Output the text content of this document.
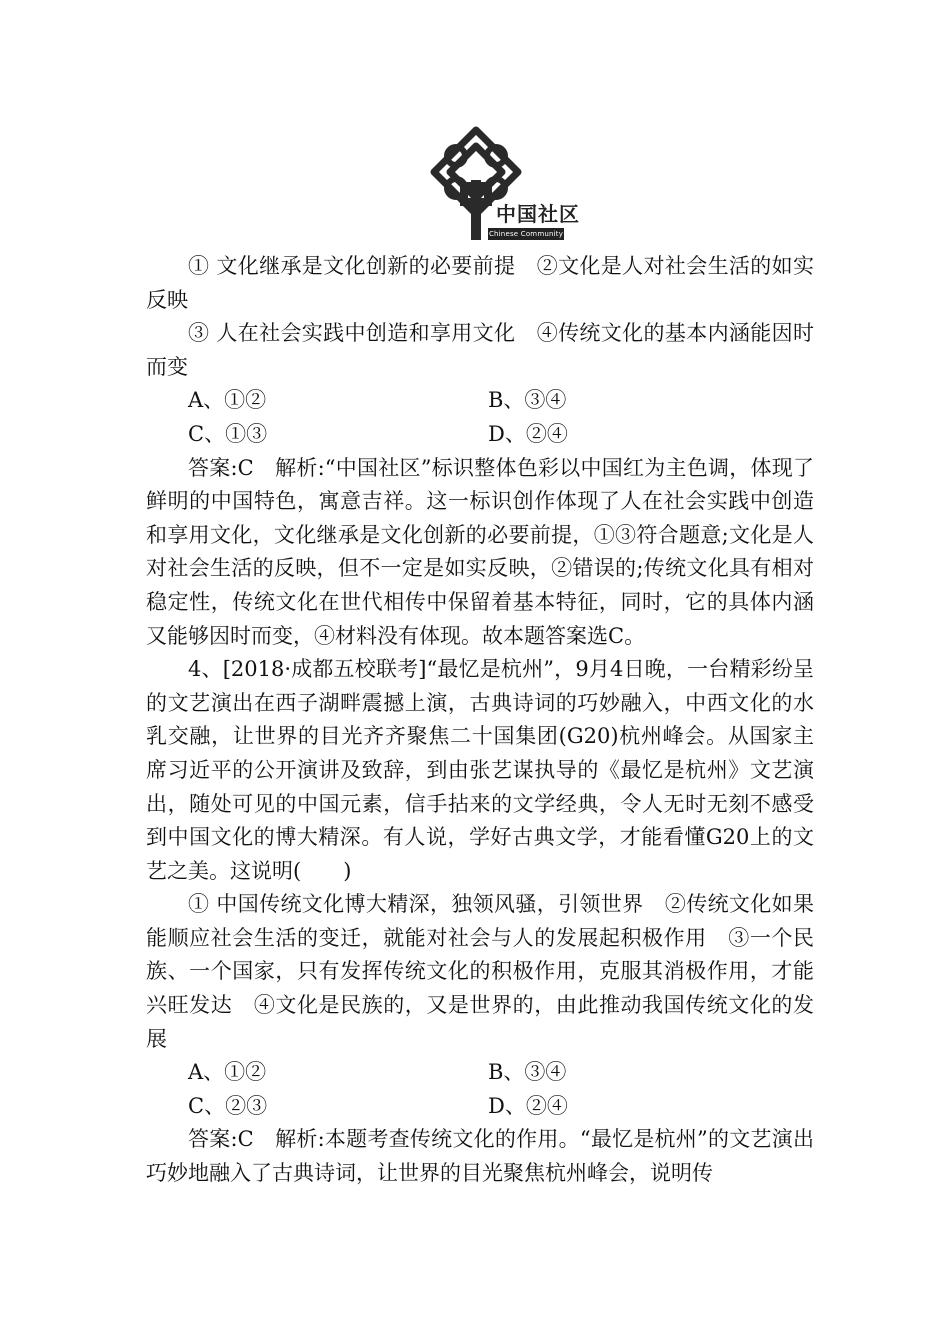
中国社区
Chinese Community

① 文化继承是文化创新的必要前提　②文化是人对社会生活的如实反映

③ 人在社会实践中创造和享用文化　④传统文化的基本内涵能因时而变

A、①②	B、③④
C、①③	D、②④

答案:C　解析:“中国社区”标识整体色彩以中国红为主色调，体现了鲜明的中国特色，寓意吉祥。这一标识创作体现了人在社会实践中创造和享用文化，文化继承是文化创新的必要前提，①③符合题意;文化是人对社会生活的反映，但不一定是如实反映，②错误的;传统文化具有相对稳定性，传统文化在世代相传中保留着基本特征，同时，它的具体内涵又能够因时而变，④材料没有体现。故本题答案选C。

4、[2018·成都五校联考]“最忆是杭州”，9月4日晚，一台精彩纷呈的文艺演出在西子湖畔震撼上演，古典诗词的巧妙融入，中西文化的水乳交融，让世界的目光齐齐聚焦二十国集团(G20)杭州峰会。从国家主席习近平的公开演讲及致辞，到由张艺谋执导的《最忆是杭州》文艺演出，随处可见的中国元素，信手拈来的文学经典，令人无时无刻不感受到中国文化的博大精深。有人说，学好古典文学，才能看懂G20上的文艺之美。这说明(　　)

① 中国传统文化博大精深，独领风骚，引领世界　②传统文化如果能顺应社会生活的变迁，就能对社会与人的发展起积极作用　③一个民族、一个国家，只有发挥传统文化的积极作用，克服其消极作用，才能兴旺发达　④文化是民族的，又是世界的，由此推动我国传统文化的发展

A、①②	B、③④
C、②③	D、②④

答案:C　解析:本题考查传统文化的作用。“最忆是杭州”的文艺演出巧妙地融入了古典诗词，让世界的目光聚焦杭州峰会，说明传
